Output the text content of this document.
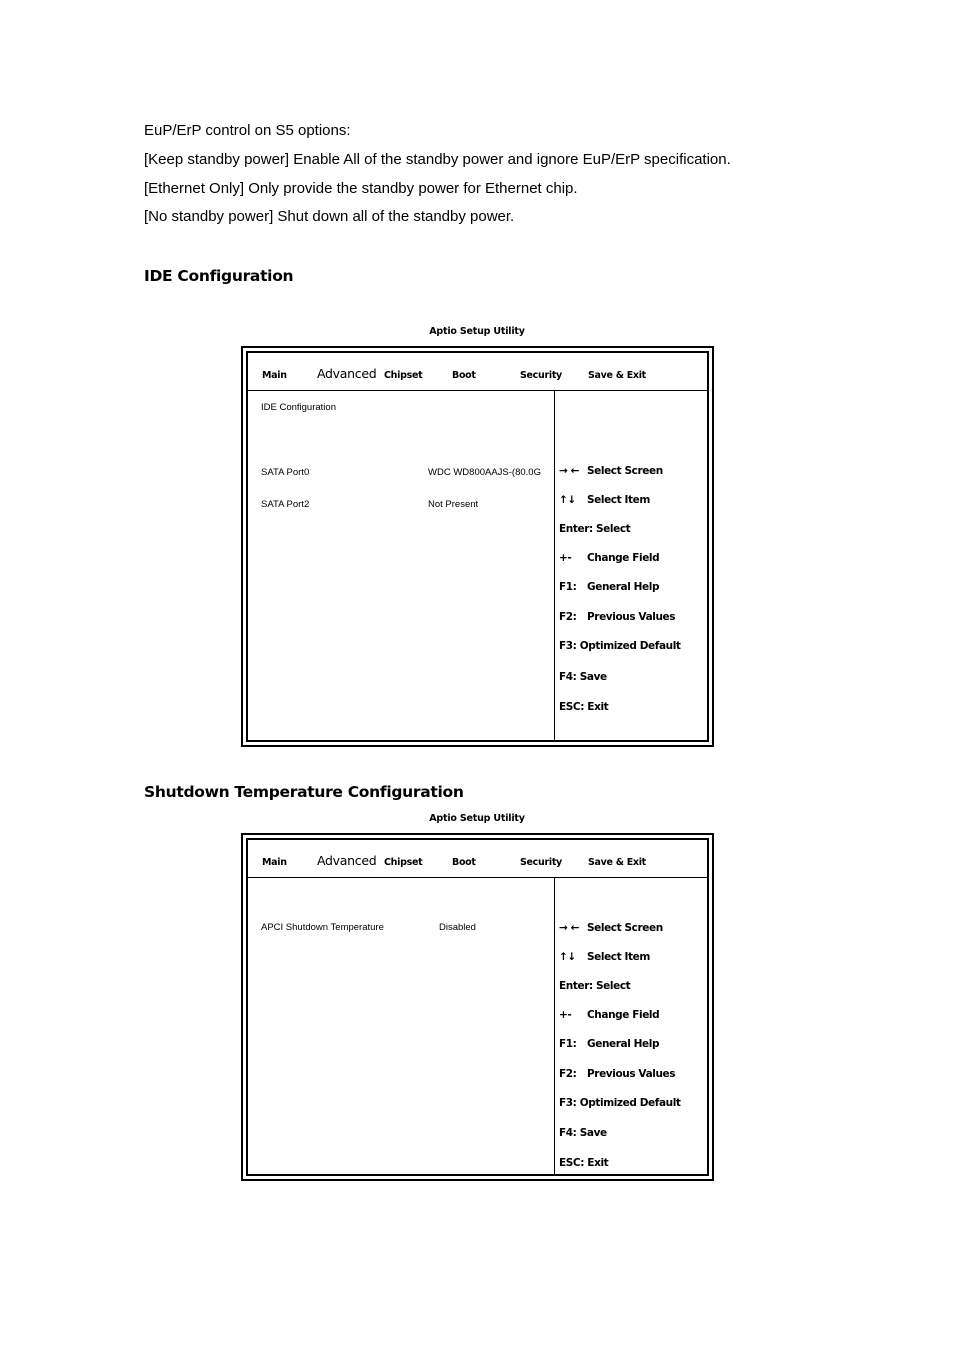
EuP/ErP control on S5 options:
[Keep standby power] Enable All of the standby power and ignore EuP/ErP specification.
[Ethernet Only] Only provide the standby power for Ethernet chip.
[No standby power] Shut down all of the standby power.
IDE Configuration
Aptio Setup Utility
Main Advanced Chipset	Boot	Security	Save & Exit
IDE Configuration
SATA Port0	WDC WD800AAJS-(80.0G
SATA Port2	Not Present
→ ← Select Screen
↑↓ Select Item
Enter: Select
+- Change Field
F1: General Help
F2: Previous Values
F3: Optimized Default
F4: Save
ESC: Exit
Shutdown Temperature Configuration
Aptio Setup Utility
Main Advanced Chipset	Boot	Security	Save & Exit
APCI Shutdown Temperature	Disabled	→ ← Select Screen
↑↓ Select Item
Enter: Select
+- Change Field
F1: General Help
F2: Previous Values
F3: Optimized Default
F4: Save
ESC: Exit
